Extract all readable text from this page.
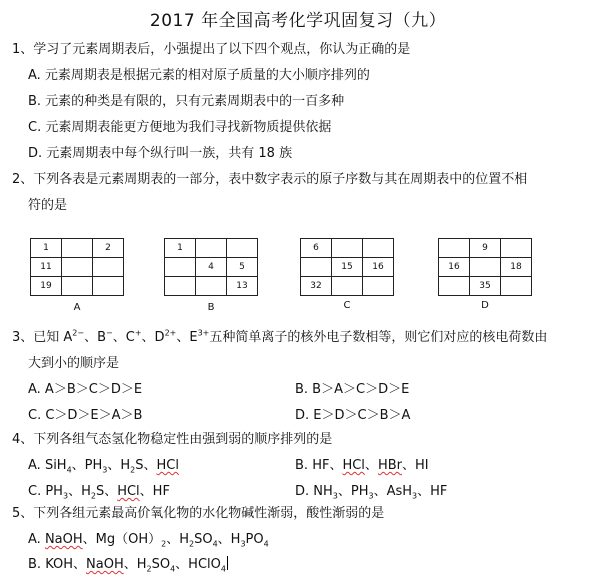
2017 年全国高考化学巩固复习（九）
1、学习了元素周期表后，小强提出了以下四个观点，你认为正确的是
A. 元素周期表是根据元素的相对原子质量的大小顺序排列的
B. 元素的种类是有限的，只有元素周期表中的一百多种
C. 元素周期表能更方便地为我们寻找新物质提供依据
D. 元素周期表中每个纵行叫一族，共有 18 族
2、下列各表是元素周期表的一部分，表中数字表示的原子序数与其在周期表中的位置不相
符的是
1		2
11		
19		
A
1		
	4	5
		13
B
6		
	15	16
32		
C
	9	
16		18
	35	
D
3、已知 $A^{2-}$、B−、C+、$D^{2+}$、$E^{3+}$五种简单离子的核外电子数相等，则它们对应的核电荷数由
大到小的顺序是
A. A＞B＞C＞D＞E	B. B＞A＞C＞D＞E
C. C＞D＞E＞A＞B	D. E＞D＞C＞B＞A
4、下列各组气态氢化物稳定性由强到弱的顺序排列的是
A. SiH$_4$、$PH_3$、$H_2S$、HCl	B. HF、HCl、HBr、HI
C. $PH_3$、$H_2S$、HCl、HF	D. $NH_3$、$PH_3$、AsH$_3$、HF
5、下列各组元素最高价氧化物的水化物碱性渐弱，酸性渐弱的是
A. NaOH、$Mg(OH)_2$、$H_2SO_4$、$H_3PO_4$
B. KOH、NaOH、$H_2SO_4$、HClO$_4$
